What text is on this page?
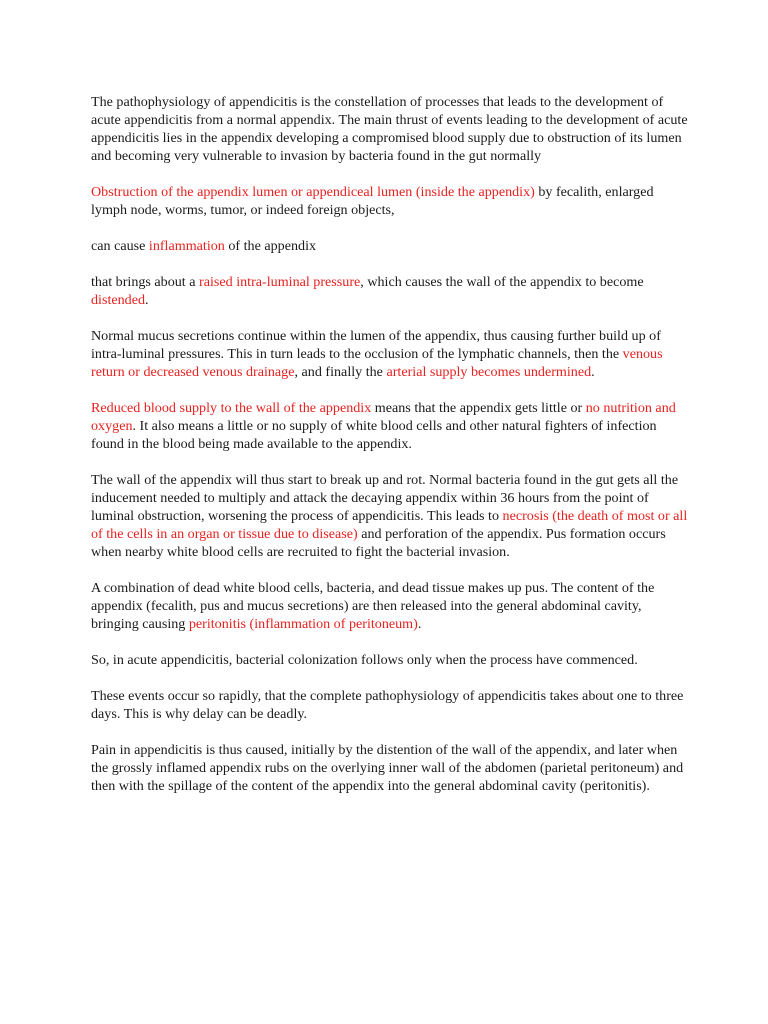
The pathophysiology of appendicitis is the constellation of processes that leads to the development of acute appendicitis from a normal appendix. The main thrust of events leading to the development of acute appendicitis lies in the appendix developing a compromised blood supply due to obstruction of its lumen and becoming very vulnerable to invasion by bacteria found in the gut normally

Obstruction of the appendix lumen or appendiceal lumen (inside the appendix) by fecalith, enlarged lymph node, worms, tumor, or indeed foreign objects,

can cause inflammation of the appendix

that brings about a raised intra-luminal pressure, which causes the wall of the appendix to become distended.

Normal mucus secretions continue within the lumen of the appendix, thus causing further build up of intra-luminal pressures. This in turn leads to the occlusion of the lymphatic channels, then the venous return or decreased venous drainage, and finally the arterial supply becomes undermined.

Reduced blood supply to the wall of the appendix means that the appendix gets little or no nutrition and oxygen. It also means a little or no supply of white blood cells and other natural fighters of infection found in the blood being made available to the appendix.

The wall of the appendix will thus start to break up and rot. Normal bacteria found in the gut gets all the inducement needed to multiply and attack the decaying appendix within 36 hours from the point of luminal obstruction, worsening the process of appendicitis. This leads to necrosis (the death of most or all of the cells in an organ or tissue due to disease) and perforation of the appendix. Pus formation occurs when nearby white blood cells are recruited to fight the bacterial invasion.

A combination of dead white blood cells, bacteria, and dead tissue makes up pus. The content of the appendix (fecalith, pus and mucus secretions) are then released into the general abdominal cavity, bringing causing peritonitis (inflammation of peritoneum).

So, in acute appendicitis, bacterial colonization follows only when the process have commenced.

These events occur so rapidly, that the complete pathophysiology of appendicitis takes about one to three days. This is why delay can be deadly.

Pain in appendicitis is thus caused, initially by the distention of the wall of the appendix, and later when the grossly inflamed appendix rubs on the overlying inner wall of the abdomen (parietal peritoneum) and then with the spillage of the content of the appendix into the general abdominal cavity (peritonitis).
